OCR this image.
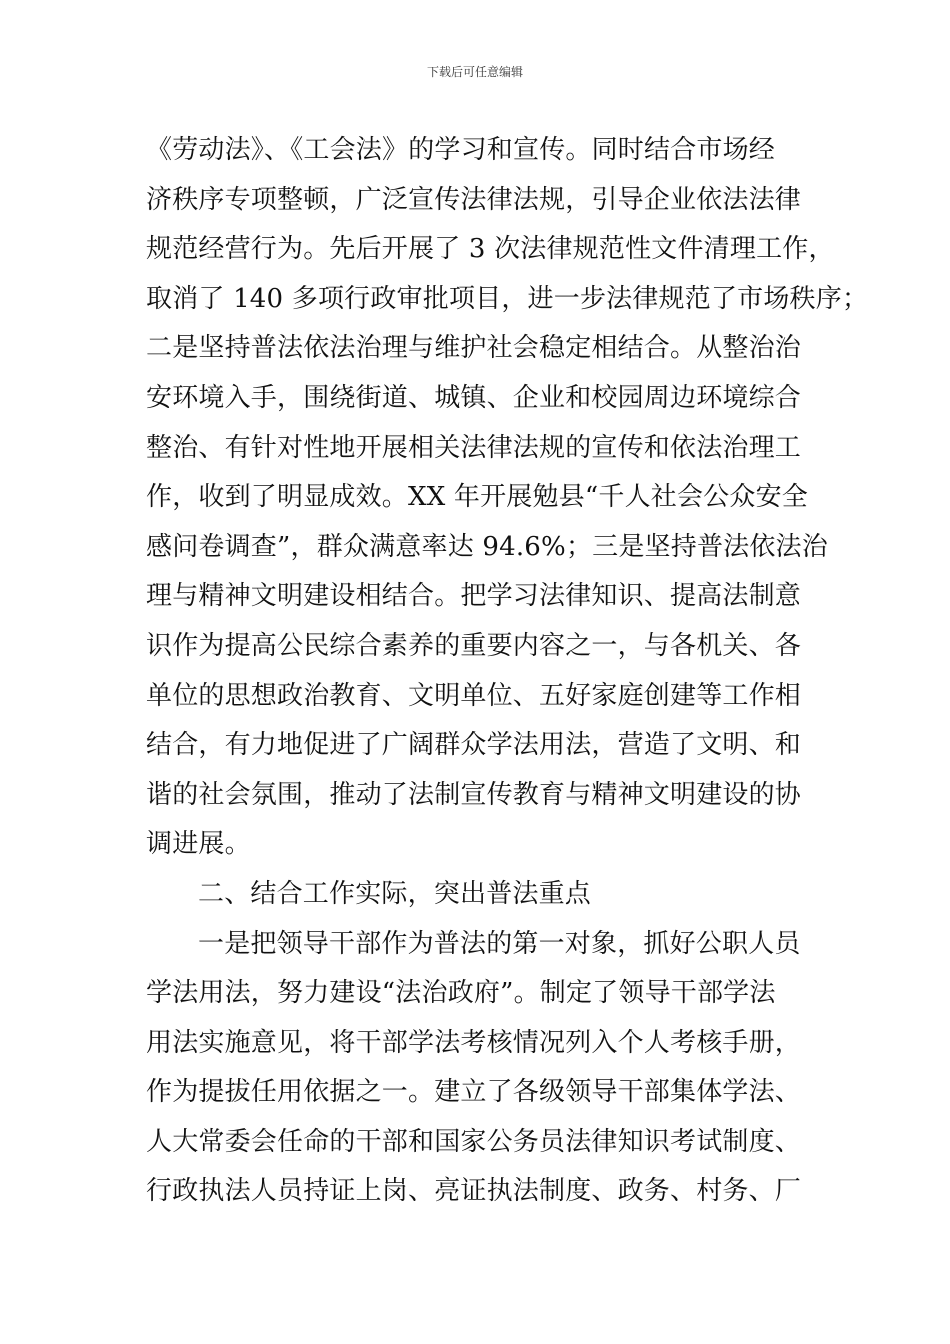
下载后可任意编辑
《劳动法》、《工会法》的学习和宣传。同时结合市场经
济秩序专项整顿，广泛宣传法律法规，引导企业依法法律
规范经营行为。先后开展了 3 次法律规范性文件清理工作，
取消了 140 多项行政审批项目，进一步法律规范了市场秩序；
二是坚持普法依法治理与维护社会稳定相结合。从整治治
安环境入手，围绕街道、城镇、企业和校园周边环境综合
整治、有针对性地开展相关法律法规的宣传和依法治理工
作，收到了明显成效。XX 年开展勉县“千人社会公众安全
感问卷调查”，群众满意率达 94.6%；三是坚持普法依法治
理与精神文明建设相结合。把学习法律知识、提高法制意
识作为提高公民综合素养的重要内容之一，与各机关、各
单位的思想政治教育、文明单位、五好家庭创建等工作相
结合，有力地促进了广阔群众学法用法，营造了文明、和
谐的社会氛围，推动了法制宣传教育与精神文明建设的协
调进展。
二、结合工作实际，突出普法重点
一是把领导干部作为普法的第一对象，抓好公职人员
学法用法，努力建设“法治政府”。制定了领导干部学法
用法实施意见，将干部学法考核情况列入个人考核手册，
作为提拔任用依据之一。建立了各级领导干部集体学法、
人大常委会任命的干部和国家公务员法律知识考试制度、
行政执法人员持证上岗、亮证执法制度、政务、村务、厂
